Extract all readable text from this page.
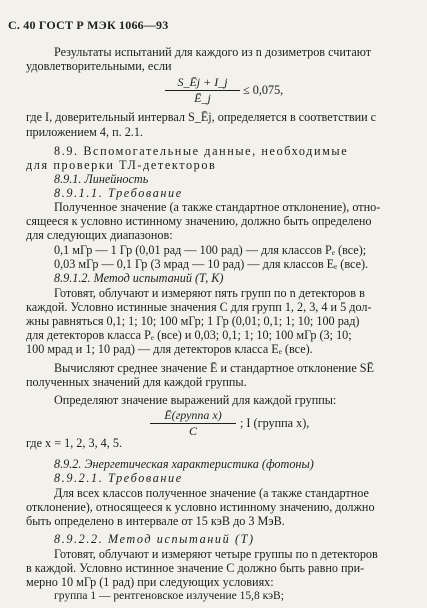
С. 40 ГОСТ Р МЭК 1066—93
Результаты испытаний для каждого из n дозиметров считают
удовлетворительными, если
S_Ēj + I_j
Ē_j
≤ 0,075,
где I, доверительный интервал S_Ēj, определяется в соответствии с
приложением 4, п. 2.1.
8.9. Вспомогательные данные, необходимые
для проверки ТЛ-детекторов
8.9.1. Линейность
8.9.1.1. Требование
Полученное значение (а также стандартное отклонение), отно-
сящееся к условно истинному значению, должно быть определено
для следующих диапазонов:
0,1 мГр — 1 Гр (0,01 рад — 100 рад) — для классов Pₑ (все);
0,03 мГр — 0,1 Гр (3 мрад — 10 рад) — для классов Eₑ (все).
8.9.1.2. Метод испытаний (Т, К)
Готовят, облучают и измеряют пять групп по n детекторов в
каждой. Условно истинные значения C для групп 1, 2, 3, 4 и 5 дол-
жны равняться 0,1; 1; 10; 100 мГр; 1 Гр (0,01; 0,1; 1; 10; 100 рад)
для детекторов класса Pₑ (все) и 0,03; 0,1; 1; 10; 100 мГр (3; 10;
100 мрад и 1; 10 рад) — для детекторов класса Eₑ (все).
Вычисляют среднее значение Ē и стандартное отклонение SĒ
полученных значений для каждой группы.
Определяют значение выражений для каждой группы:
Ē(группа x)
C
; I (группа x),
где x = 1, 2, 3, 4, 5.
8.9.2. Энергетическая характеристика (фотоны)
8.9.2.1. Требование
Для всех классов полученное значение (а также стандартное
отклонение), относящееся к условно истинному значению, должно
быть определено в интервале от 15 кэВ до 3 МэВ.
8.9.2.2. Метод испытаний (Т)
Готовят, облучают и измеряют четыре группы по n детекторов
в каждой. Условно истинное значение C должно быть равно при-
мерно 10 мГр (1 рад) при следующих условиях:
группа 1 — рентгеновское излучение 15,8 кэВ;
